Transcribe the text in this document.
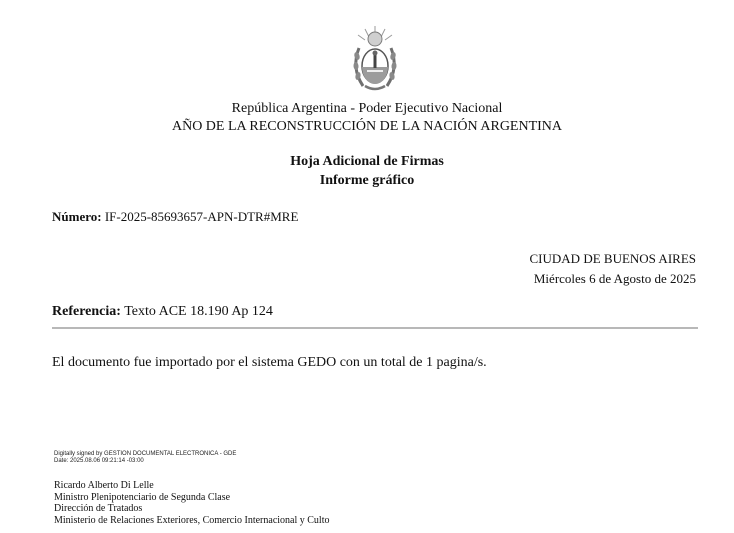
República Argentina - Poder Ejecutivo Nacional
AÑO DE LA RECONSTRUCCIÓN DE LA NACIÓN ARGENTINA
Hoja Adicional de Firmas
Informe gráfico
Número: IF-2025-85693657-APN-DTR#MRE
CIUDAD DE BUENOS AIRES
Miércoles 6 de Agosto de 2025
Referencia: Texto ACE 18.190 Ap 124
El documento fue importado por el sistema GEDO con un total de 1 pagina/s.
Digitally signed by GESTION DOCUMENTAL ELECTRONICA - GDE
Date: 2025.08.06 09:21:14 -03:00
Ricardo Alberto Di Lelle
Ministro Plenipotenciario de Segunda Clase
Dirección de Tratados
Ministerio de Relaciones Exteriores, Comercio Internacional y Culto
